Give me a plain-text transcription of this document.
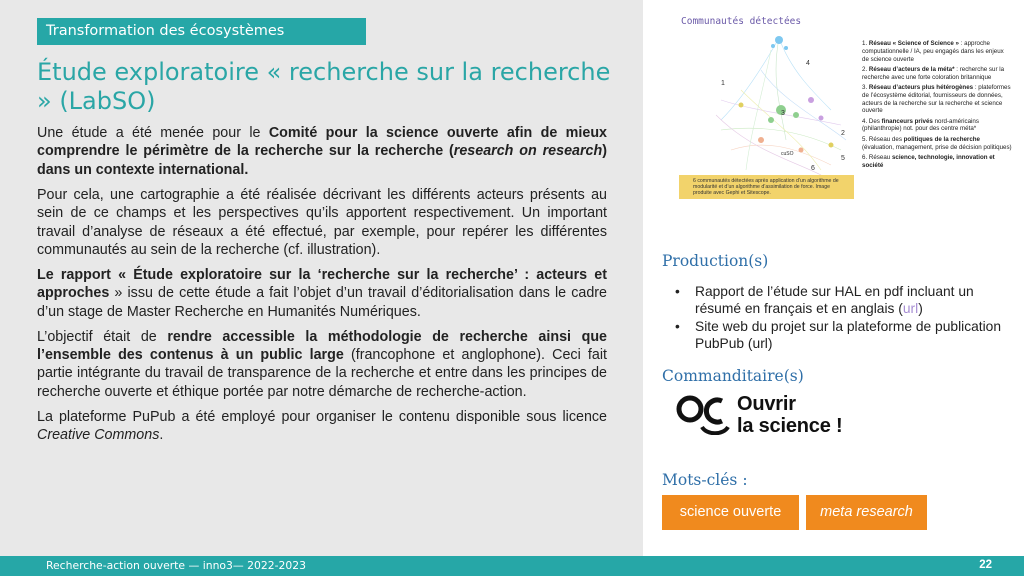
Transformation des écosystèmes
Étude exploratoire « recherche sur la recherche » (LabSO)

Une étude a été menée pour le Comité pour la science ouverte afin de mieux comprendre le périmètre de la recherche sur la recherche (research on research) dans un contexte international.

Pour cela, une cartographie a été réalisée décrivant les différents acteurs présents au sein de ce champs et les perspectives qu’ils apportent respectivement. Un important travail d’analyse de réseaux a été effectué, par exemple, pour repérer les différentes communautés au sein de la recherche (cf. illustration).

Le rapport « Étude exploratoire sur la ‘recherche sur la recherche’ : acteurs et approches » issu de cette étude a fait l’objet d’un travail d’éditorialisation dans le cadre d’un stage de Master Recherche en Humanités Numériques.

L’objectif était de rendre accessible la méthodologie de recherche ainsi que l’ensemble des contenus à un public large (francophone et anglophone). Ceci fait partie intégrante du travail de transparence de la recherche et entre dans les principes de recherche ouverte et éthique portée par notre démarche de recherche-action.

La plateforme PuPub a été employé pour organiser le contenu disponible sous licence Creative Commons.

Communautés détectées
1
2
3
4
5
6
cuSO
1. Réseau « Science of Science » : approche computationnelle / IA, peu engagés dans les enjeux de science ouverte
2. Réseau d’acteurs de la méta* : recherche sur la recherche avec une forte coloration britannique
3. Réseau d’acteurs plus hétérogènes : plateformes de l’écosystème éditorial, fournisseurs de données, acteurs de la recherche sur la recherche et science ouverte
4. Des financeurs privés nord-américains (philanthropie) not. pour des centre méta*
5. Réseau des politiques de la recherche (évaluation, management, prise de décision politiques)
6. Réseau science, technologie, innovation et société
6 communautés détectées après application d’un algorithme de modularité et d’un algorithme d’assimilation de force. Image produite avec Gephi et Sitescope.
Production(s)
• Rapport de l’étude sur HAL en pdf incluant un résumé en français et en anglais (url)
• Site web du projet sur la plateforme de publication PubPub (url)
Commanditaire(s)
Ouvrir
la science !
Mots-clés :
science ouverte	meta research
Recherche-action ouverte — inno3— 2022-2023	22
